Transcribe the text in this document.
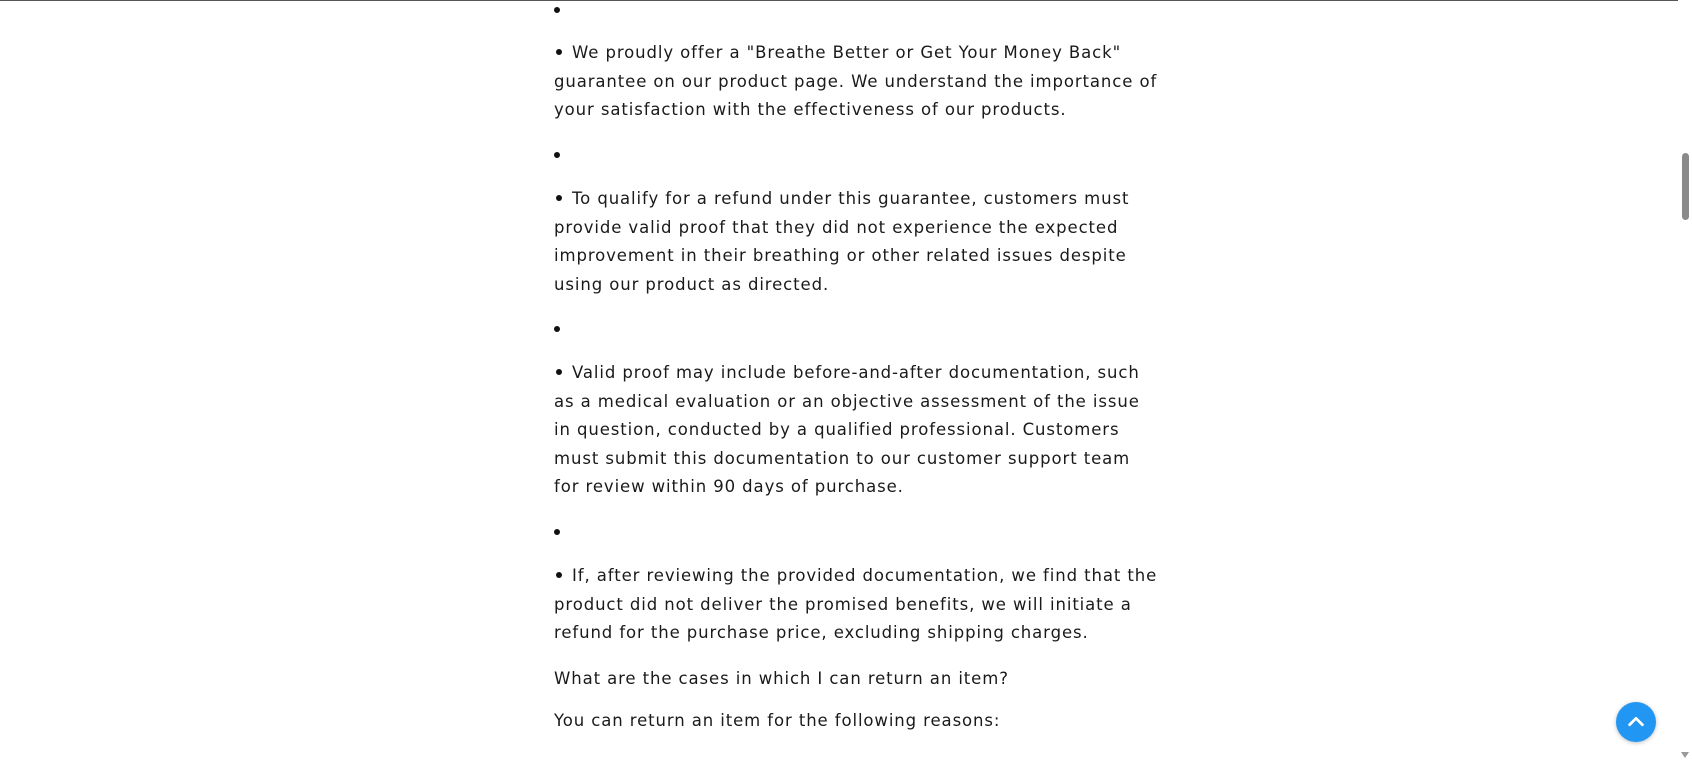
We proudly offer a "Breathe Better or Get Your Money Back"
guarantee on our product page. We understand the importance of
your satisfaction with the effectiveness of our products.

To qualify for a refund under this guarantee, customers must
provide valid proof that they did not experience the expected
improvement in their breathing or other related issues despite
using our product as directed.

Valid proof may include before-and-after documentation, such
as a medical evaluation or an objective assessment of the issue
in question, conducted by a qualified professional. Customers
must submit this documentation to our customer support team
for review within 90 days of purchase.

If, after reviewing the provided documentation, we find that the
product did not deliver the promised benefits, we will initiate a
refund for the purchase price, excluding shipping charges.

What are the cases in which I can return an item?

You can return an item for the following reasons:
